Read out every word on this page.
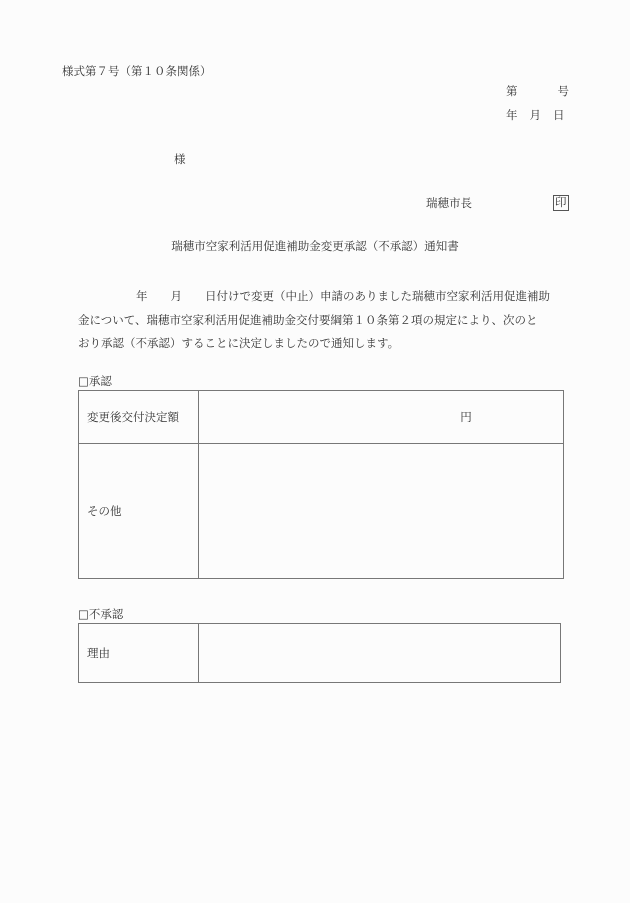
様式第７号（第１０条関係）
第	号
年 月 日
様
瑞穂市長	印
瑞穂市空家利活用促進補助金変更承認（不承認）通知書

年　　月　　日付けで変更（中止）申請のありました瑞穂市空家利活用促進補助

金について、瑞穂市空家利活用促進補助金交付要綱第１０条第２項の規定により、次のと

おり承認（不承認）することに決定しましたので通知します。

□承認
変更後交付決定額	円
その他	
□不承認
理由	
